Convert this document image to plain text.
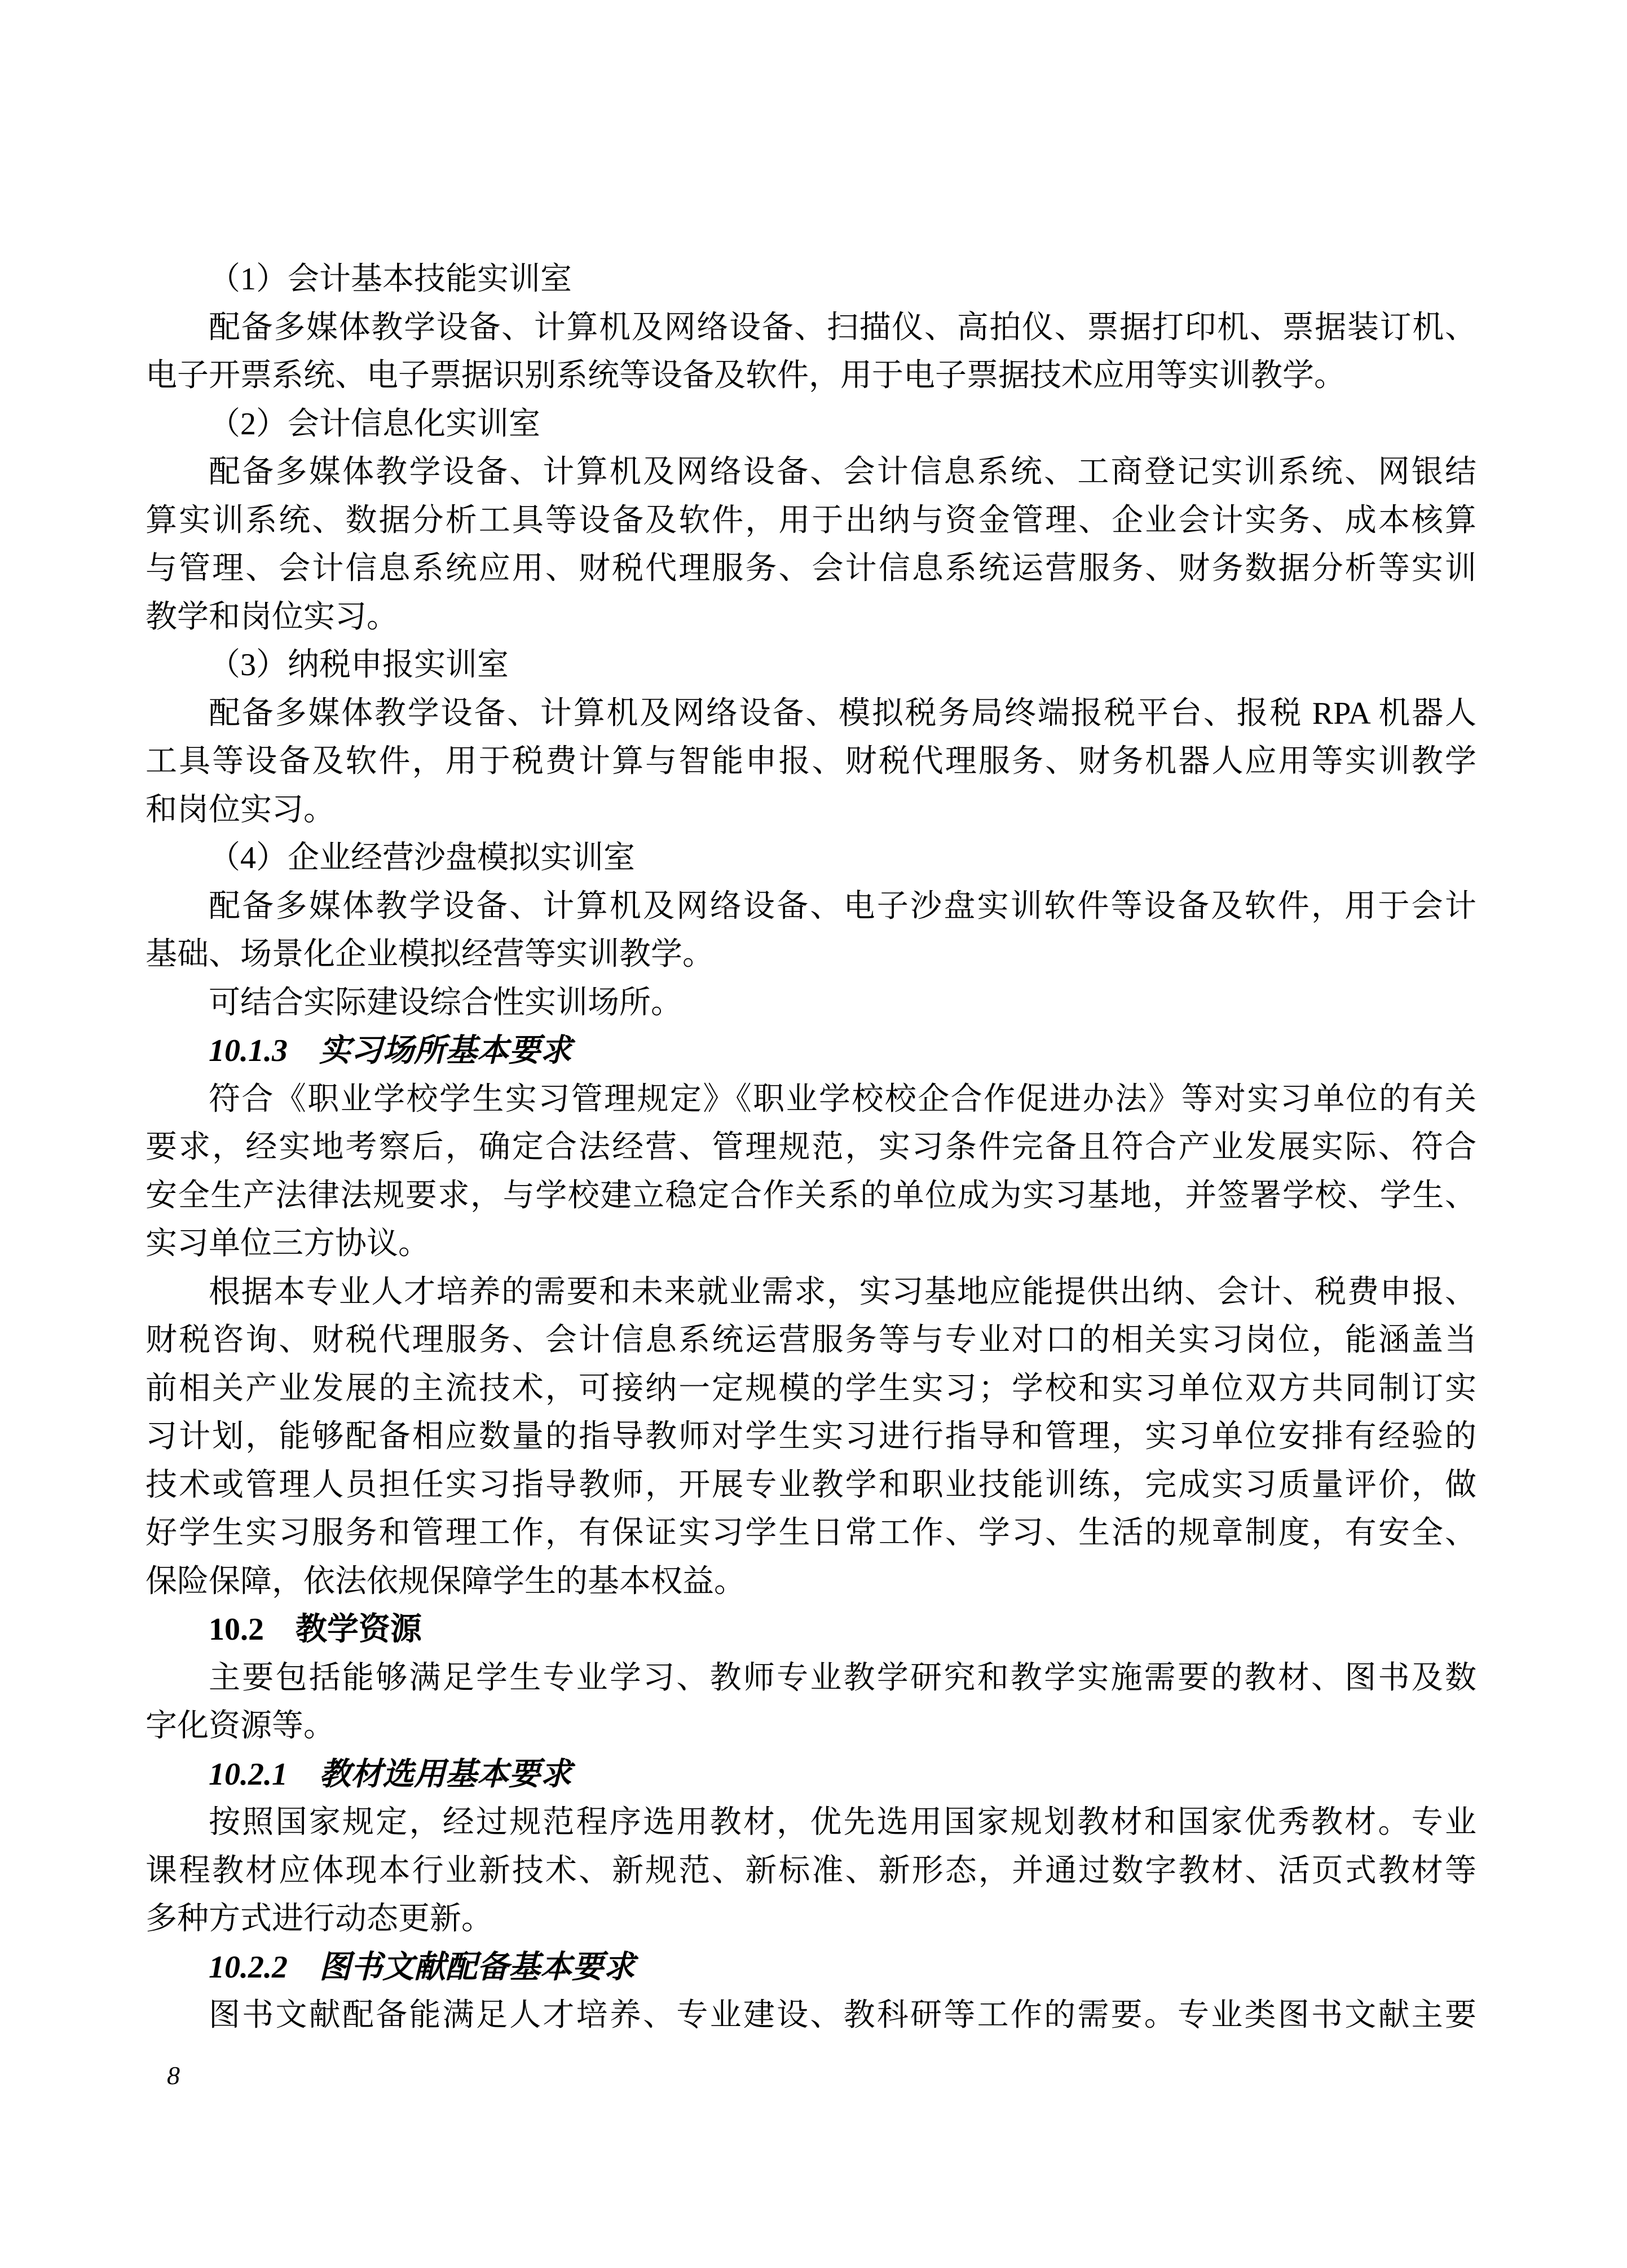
（1）会计基本技能实训室
配备多媒体教学设备、计算机及网络设备、扫描仪、高拍仪、票据打印机、票据装订机、
电子开票系统、电子票据识别系统等设备及软件，用于电子票据技术应用等实训教学。
（2）会计信息化实训室
配备多媒体教学设备、计算机及网络设备、会计信息系统、工商登记实训系统、网银结
算实训系统、数据分析工具等设备及软件，用于出纳与资金管理、企业会计实务、成本核算
与管理、会计信息系统应用、财税代理服务、会计信息系统运营服务、财务数据分析等实训
教学和岗位实习。
（3）纳税申报实训室
配备多媒体教学设备、计算机及网络设备、模拟税务局终端报税平台、报税 RPA 机器人
工具等设备及软件，用于税费计算与智能申报、财税代理服务、财务机器人应用等实训教学
和岗位实习。
（4）企业经营沙盘模拟实训室
配备多媒体教学设备、计算机及网络设备、电子沙盘实训软件等设备及软件，用于会计
基础、场景化企业模拟经营等实训教学。
可结合实际建设综合性实训场所。
10.1.3　实习场所基本要求
符合《职业学校学生实习管理规定》《职业学校校企合作促进办法》等对实习单位的有关
要求，经实地考察后，确定合法经营、管理规范，实习条件完备且符合产业发展实际、符合
安全生产法律法规要求，与学校建立稳定合作关系的单位成为实习基地，并签署学校、学生、
实习单位三方协议。
根据本专业人才培养的需要和未来就业需求，实习基地应能提供出纳、会计、税费申报、
财税咨询、财税代理服务、会计信息系统运营服务等与专业对口的相关实习岗位，能涵盖当
前相关产业发展的主流技术，可接纳一定规模的学生实习；学校和实习单位双方共同制订实
习计划，能够配备相应数量的指导教师对学生实习进行指导和管理，实习单位安排有经验的
技术或管理人员担任实习指导教师，开展专业教学和职业技能训练，完成实习质量评价，做
好学生实习服务和管理工作，有保证实习学生日常工作、学习、生活的规章制度，有安全、
保险保障，依法依规保障学生的基本权益。
10.2　教学资源
主要包括能够满足学生专业学习、教师专业教学研究和教学实施需要的教材、图书及数
字化资源等。
10.2.1　教材选用基本要求
按照国家规定，经过规范程序选用教材，优先选用国家规划教材和国家优秀教材。专业
课程教材应体现本行业新技术、新规范、新标准、新形态，并通过数字教材、活页式教材等
多种方式进行动态更新。
10.2.2　图书文献配备基本要求
图书文献配备能满足人才培养、专业建设、教科研等工作的需要。专业类图书文献主要
8
